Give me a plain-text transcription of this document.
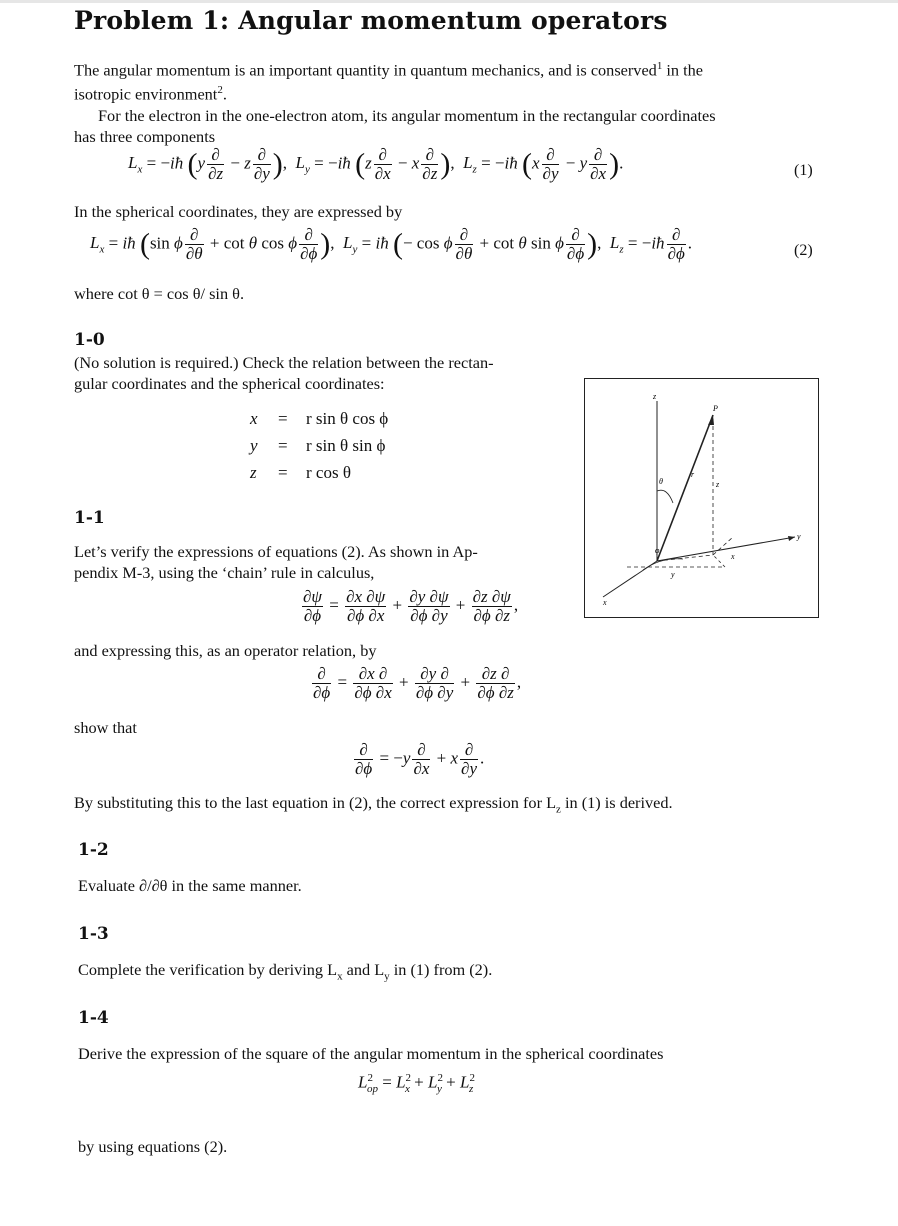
Problem 1: Angular momentum operators
The angular momentum is an important quantity in quantum mechanics, and is conserved$^1$ in the
isotropic environment$^2$.
For the electron in the one-electron atom, its angular momentum in the rectangular coordinates
has three components
$L_x$ = −iħ ($y \frac{\partial}{\partial z} - z \frac{\partial}{\partial y}$ ),  $L_y$ = −iħ ($z \frac{\partial}{\partial x} - x \frac{\partial}{\partial z}$ ),  $L_z$ = −iħ ($x \frac{\partial}{\partial y} - y \frac{\partial}{\partial x}$ ).	(1)
In the spherical coordinates, they are expressed by
$L_x$ = iħ (sin ϕ $\frac{\partial}{\partial\theta} + \cot \theta$ cos ϕ $\frac{\partial}{\partial\phi}$ ),  $L_y$ = iħ (− cos ϕ $\frac{\partial}{\partial\theta} + \cot \theta$ sin ϕ $\frac{\partial}{\partial\phi}$ ),  $L_z$ = −iħ $\frac{\partial}{\partial\phi}$ .	(2)
where cot θ = cos θ/ sin θ.
1-0
(No solution is required.) Check the relation between the rectan-
gular coordinates and the spherical coordinates:
x
y
z
=
=
=
r sin θ cos ϕ
r sin θ sin ϕ
r cos θ
z
P
θ
r
z
y
x
φ
y
x
1-1
Let’s verify the expressions of equations (2). As shown in Ap-
pendix M-3, using the ‘chain’ rule in calculus,
$\frac{\partial\psi}{\partial\phi} = \frac{\partial x \partial\psi}{\partial\phi \partial x} + \frac{\partial y \partial\psi}{\partial\phi \partial y} + \frac{\partial z \partial\psi}{\partial\phi \partial z}$ ,
and expressing this, as an operator relation, by
$\frac{\partial}{\partial\phi} = \frac{\partial x \partial}{\partial\phi \partial x} + \frac{\partial y \partial}{\partial\phi \partial y} + \frac{\partial z \partial}{\partial\phi \partial z}$ ,
show that
$\frac{\partial}{\partial\phi} = -y \frac{\partial}{\partial x} + x \frac{\partial}{\partial y}$ .
By substituting this to the last equation in (2), the correct expression for $L_z$ in (1) is derived.
1-2
Evaluate ∂/∂θ in the same manner.
1-3
Complete the verification by deriving $L_x$ and $L_y$ in (1) from (2).
1-4
Derive the expression of the square of the angular momentum in the spherical coordinates
$L^2_{op} = L^2_x + L^2_y + L^2_z$
by using equations (2).
